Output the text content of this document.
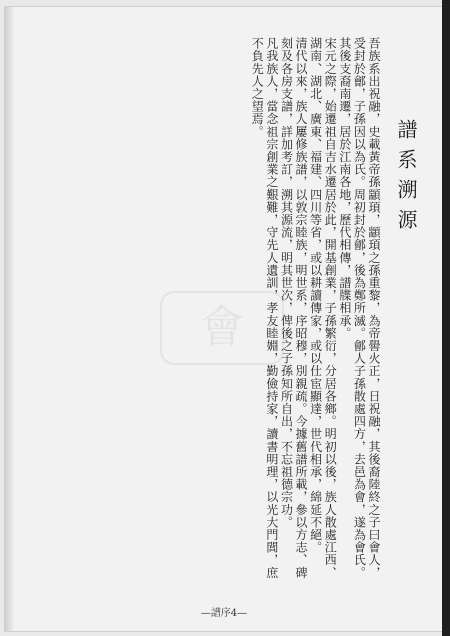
譜系溯源

吾族系出祝融，史載黃帝孫顓頊，顓頊之孫重黎，為帝嚳火正，日祝融，其後裔陸終之子曰會人，受封於鄶，子孫因以為氏。周初封於鄶，後為鄭所滅。鄶人子孫散處四方，去邑為會，遂為會氏。其後支裔南遷，居於江南各地，歷代相傳，譜牒相承。

宋元之際，始遷祖自吉水遷居於此，開基創業，子孫繁衍，分居各鄉。明初以後，族人散處江西、湖南、湖北、廣東、福建、四川等省，或以耕讀傳家，或以仕宦顯達，世代相承，綿延不絕。

清代以來，族人屢修族譜，以敦宗睦族，明世系，序昭穆，別親疏。今據舊譜所載，參以方志、碑刻及各房支譜，詳加考訂，溯其源流，明其世次，俾後之子孫知所自出，不忘祖德宗功。

凡我族人，當念祖宗創業之艱難，守先人遺訓，孝友睦婣，勤儉持家，讀書明理，以光大門閭，庶不負先人之望焉。

會
—譜序4—
